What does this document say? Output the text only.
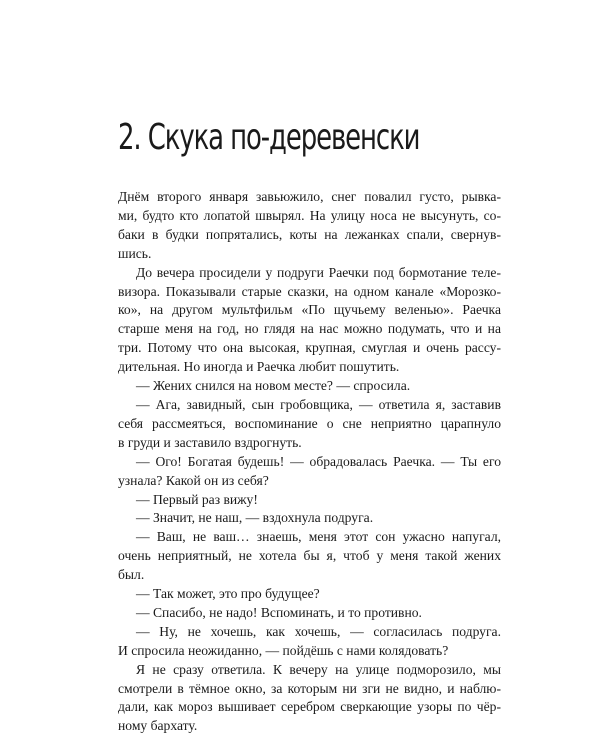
2. Скука по-деревенски
Днём второго января завьюжило, снег повалил густо, рывка-
ми, будто кто лопатой швырял. На улицу носа не высунуть, со-
баки в будки попрятались, коты на лежанках спали, свернув-
шись.
До вечера просидели у подруги Раечки под бормотание теле-
визора. Показывали старые сказки, на одном канале «Морозко-
ко», на другом мультфильм «По щучьему веленью». Раечка
старше меня на год, но глядя на нас можно подумать, что и на
три. Потому что она высокая, крупная, смуглая и очень рассу-
дительная. Но иногда и Раечка любит пошутить.
— Жених снился на новом месте? — спросила.
— Ага, завидный, сын гробовщика, — ответила я, заставив
себя рассмеяться, воспоминание о сне неприятно царапнуло
в груди и заставило вздрогнуть.
— Ого! Богатая будешь! — обрадовалась Раечка. — Ты его
узнала? Какой он из себя?
— Первый раз вижу!
— Значит, не наш, — вздохнула подруга.
— Ваш, не ваш… знаешь, меня этот сон ужасно напугал,
очень неприятный, не хотела бы я, чтоб у меня такой жених
был.
— Так может, это про будущее?
— Спасибо, не надо! Вспоминать, и то противно.
— Ну, не хочешь, как хочешь, — согласилась подруга.
И спросила неожиданно, — пойдёшь с нами колядовать?
Я не сразу ответила. К вечеру на улице подморозило, мы
смотрели в тёмное окно, за которым ни зги не видно, и наблю-
дали, как мороз вышивает серебром сверкающие узоры по чёр-
ному бархату.
